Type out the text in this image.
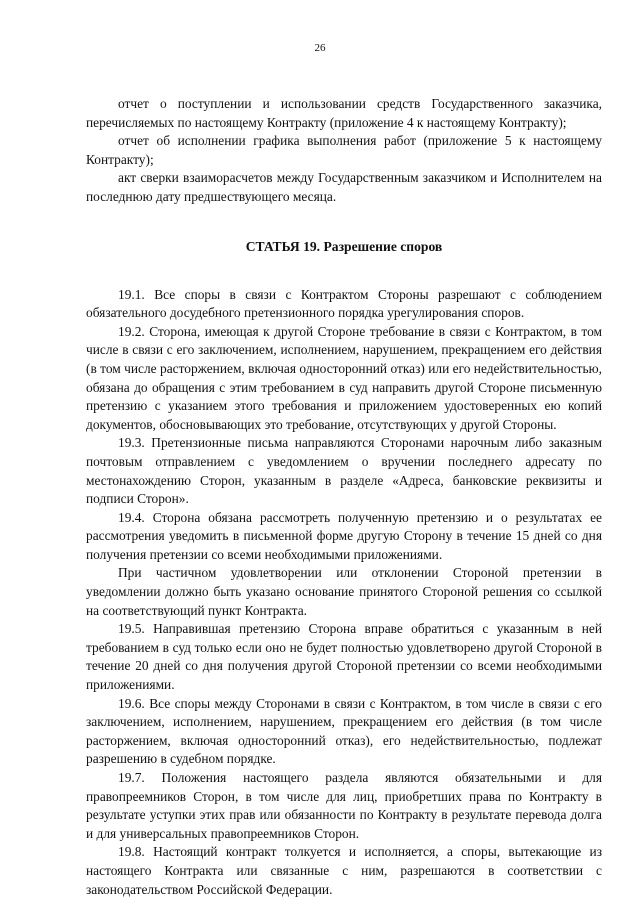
26

отчет о поступлении и использовании средств Государственного заказчика, перечисляемых по настоящему Контракту (приложение 4 к настоящему Контракту);

отчет об исполнении графика выполнения работ (приложение 5 к настоящему Контракту);

акт сверки взаиморасчетов между Государственным заказчиком и Исполнителем на последнюю дату предшествующего месяца.

СТАТЬЯ 19. Разрешение споров

19.1. Все споры в связи с Контрактом Стороны разрешают с соблюдением обязательного досудебного претензионного порядка урегулирования споров.

19.2. Сторона, имеющая к другой Стороне требование в связи с Контрактом, в том числе в связи с его заключением, исполнением, нарушением, прекращением его действия (в том числе расторжением, включая односторонний отказ) или его недействительностью, обязана до обращения с этим требованием в суд направить другой Стороне письменную претензию с указанием этого требования и приложением удостоверенных ею копий документов, обосновывающих это требование, отсутствующих у другой Стороны.

19.3. Претензионные письма направляются Сторонами нарочным либо заказным почтовым отправлением с уведомлением о вручении последнего адресату по местонахождению Сторон, указанным в разделе «Адреса, банковские реквизиты и подписи Сторон».

19.4. Сторона обязана рассмотреть полученную претензию и о результатах ее рассмотрения уведомить в письменной форме другую Сторону в течение 15 дней со дня получения претензии со всеми необходимыми приложениями.

При частичном удовлетворении или отклонении Стороной претензии в уведомлении должно быть указано основание принятого Стороной решения со ссылкой на соответствующий пункт Контракта.

19.5. Направившая претензию Сторона вправе обратиться с указанным в ней требованием в суд только если оно не будет полностью удовлетворено другой Стороной в течение 20 дней со дня получения другой Стороной претензии со всеми необходимыми приложениями.

19.6. Все споры между Сторонами в связи с Контрактом, в том числе в связи с его заключением, исполнением, нарушением, прекращением его действия (в том числе расторжением, включая односторонний отказ), его недействительностью, подлежат разрешению в судебном порядке.

19.7. Положения настоящего раздела являются обязательными и для правопреемников Сторон, в том числе для лиц, приобретших права по Контракту в результате уступки этих прав или обязанности по Контракту в результате перевода долга и для универсальных правопреемников Сторон.

19.8. Настоящий контракт толкуется и исполняется, а споры, вытекающие из настоящего Контракта или связанные с ним, разрешаются в соответствии с законодательством Российской Федерации.
